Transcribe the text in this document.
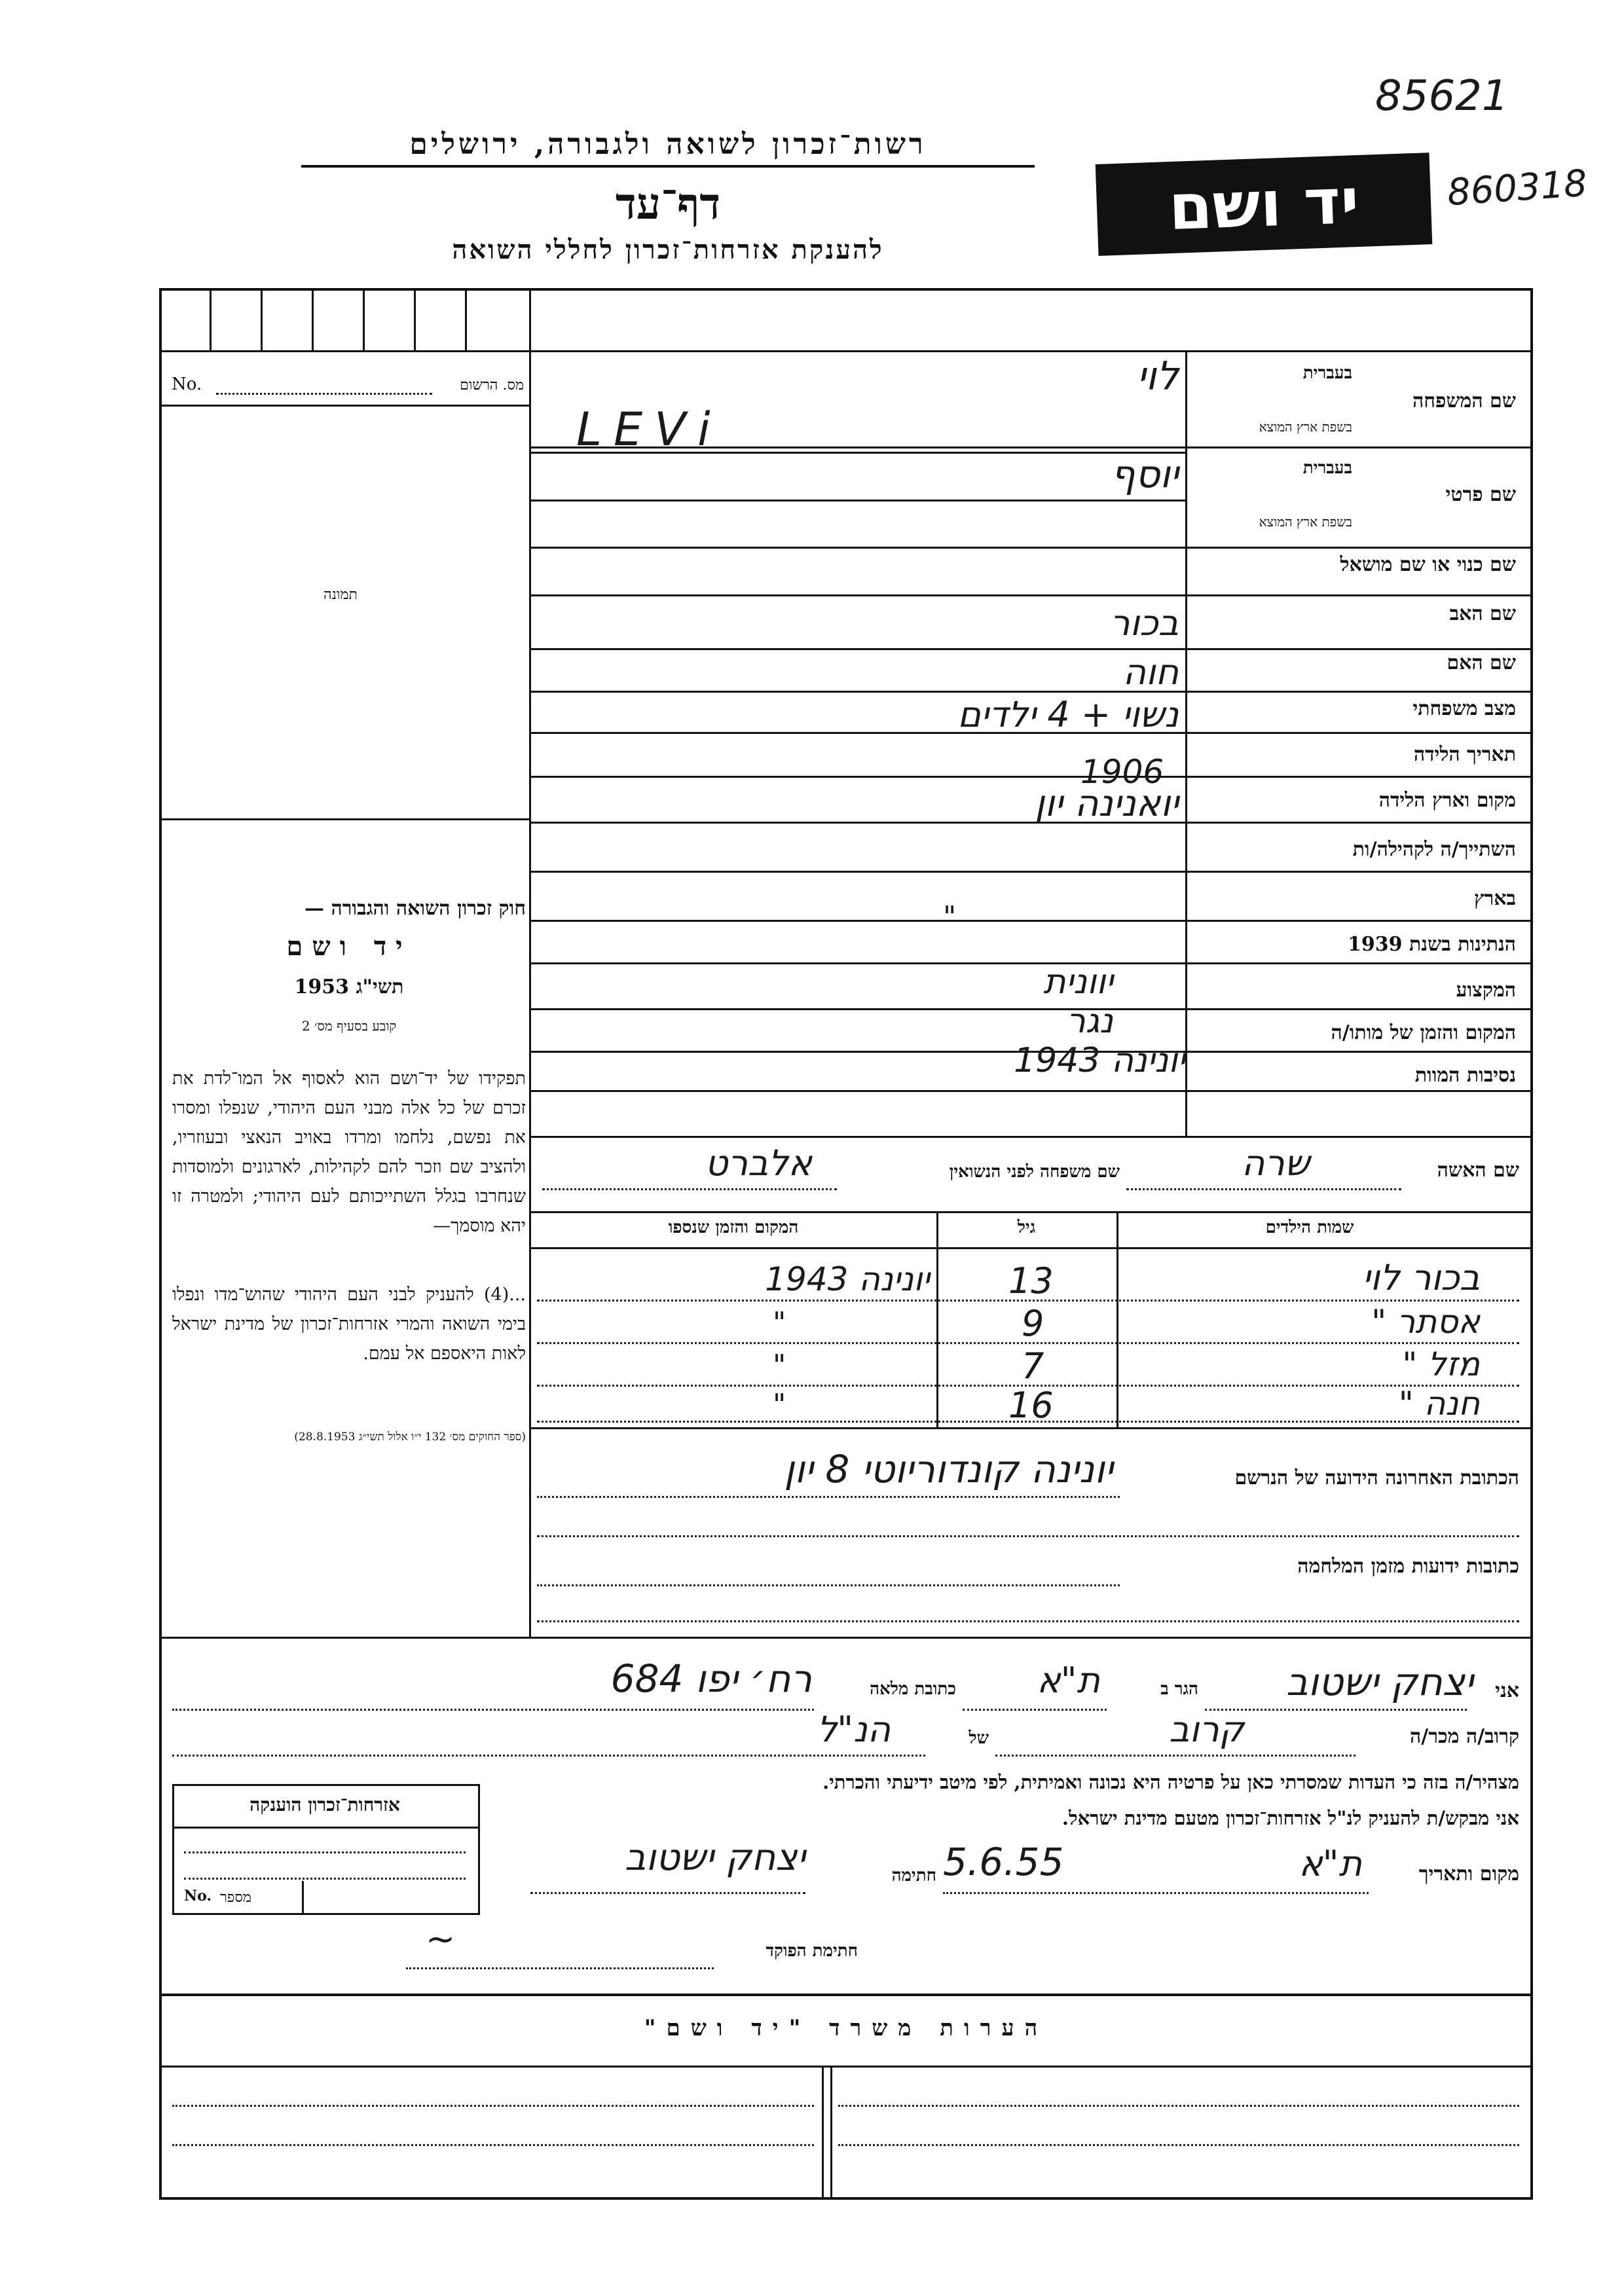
85621
860318
רשות־זכרון לשואה ולגבורה, ירושלים
דף־עד
להענקת אזרחות־זכרון לחללי השואה
יד ושם
No.	מס. הרשום
תמונה
חוק זכרון השואה והגבורה —
יד ושם
תשי"ג 1953
קובע בסעיף מס׳ 2
תפקידו של יד־ושם הוא לאסוף אל המו־לדת את זכרם של כל אלה מבני העם היהודי, שנפלו ומסרו את נפשם, נלחמו ומרדו באויב הנאצי ובעוזריו, ולהציב שם וזכר להם לקהילות, לארגונים ולמוסדות שנחרבו בגלל השתייכותם לעם היהודי; ולמטרה זו יהא מוסמך—
...(4) להעניק לבני העם היהודי שהוש־מדו ונפלו בימי השואה והמרי אזרחות־זכרון של מדינת ישראל לאות היאספם אל עמם.
(ספר החוקים מס׳ 132 י״ו אלול תשי״ג 28.8.1953)
שם המשפחה
בעברית
בשפת ארץ המוצא
לוי
LEVi
שם פרטי
בעברית
בשפת ארץ המוצא
יוסף
שם כנוי או שם מושאל
שם האב
בכור
שם האם
חוה
מצב משפחתי
נשוי + 4 ילדים
תאריך הלידה
1906
מקום וארץ הלידה
יואנינה יון
השתייך/ה לקהילה/ות
בארץ
"
הנתינות בשנת 1939
יוונית	המקצוע
נגר	המקום והזמן של מותו/ה
יונינה 1943	נסיבות המוות
שם האשה
שרה
שם משפחה לפני הנשואין
אלברט
שמות הילדים
גיל
המקום והזמן שנספו
בכור לוי
13
יונינה 1943
אסתר "
9
"
מזל "
7
"
חנה "
16
"
הכתובת האחרונה הידועה של הנרשם
יונינה קונדוריוטי 8 יון
כתובות ידועות מזמן המלחמה
אני
יצחק ישטוב
הגר ב
ת"א
כתובת מלאה
רח׳ יפו 684
קרוב/ה מכר/ה
קרוב
של
הנ"ל
מצהיר/ה בזה כי העדות שמסרתי כאן על פרטיה היא נכונה ואמיתית, לפי מיטב ידיעתי והכרתי.
אני מבקש/ת להעניק לנ"ל אזרחות־זכרון מטעם מדינת ישראל.
מקום ותאריך
ת"א
5.6.55
חתימה
יצחק ישטוב
חתימת הפוקד
~
אזרחות־זכרון הוענקה
No. מספר
הערות משרד "יד ושם"
